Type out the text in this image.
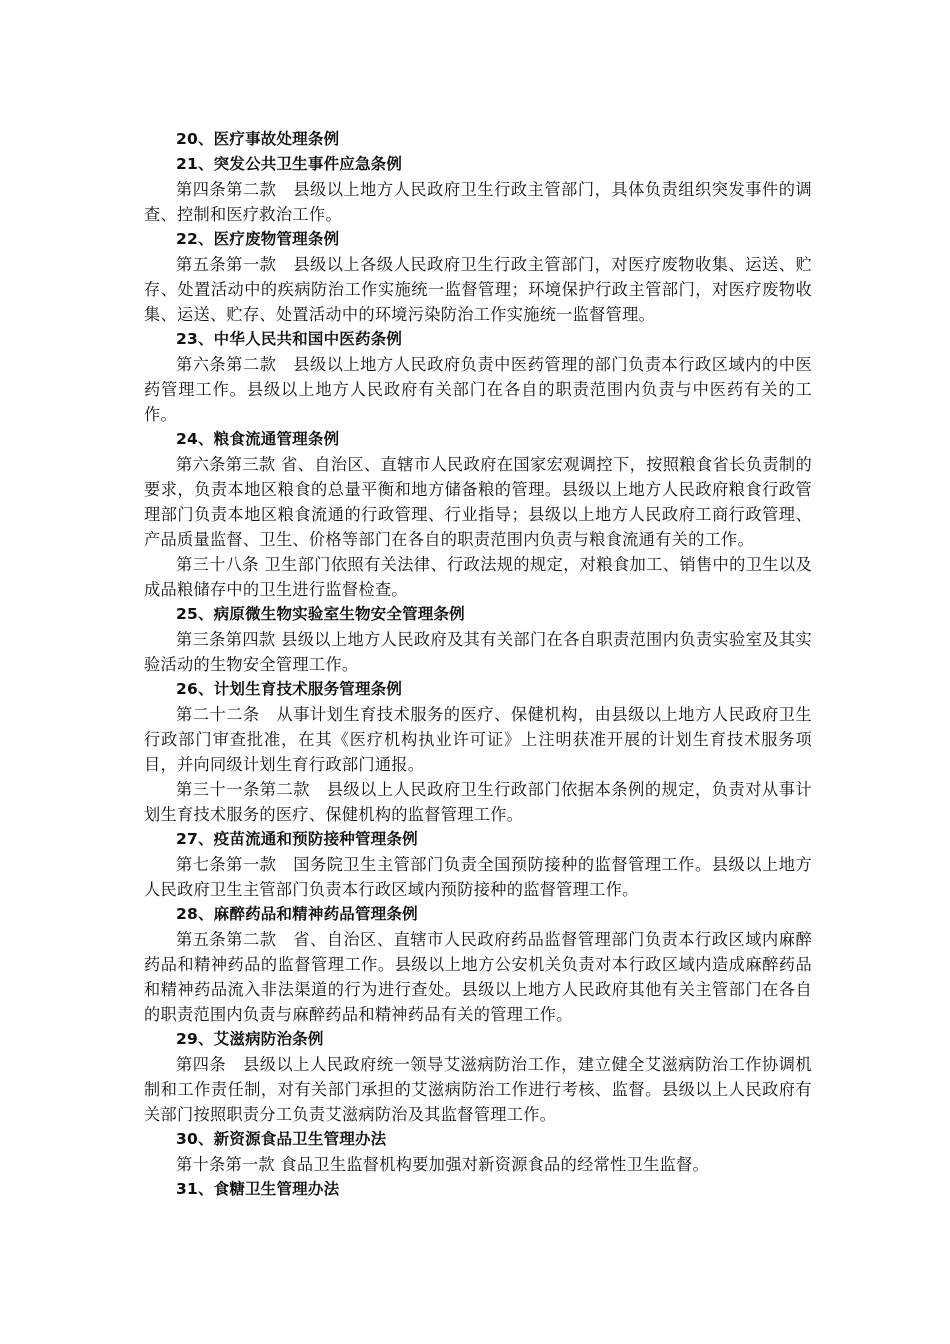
20、医疗事故处理条例
21、突发公共卫生事件应急条例

第四条第二款　县级以上地方人民政府卫生行政主管部门，具体负责组织突发事件的调查、控制和医疗救治工作。

22、医疗废物管理条例

第五条第一款　县级以上各级人民政府卫生行政主管部门，对医疗废物收集、运送、贮存、处置活动中的疾病防治工作实施统一监督管理；环境保护行政主管部门，对医疗废物收集、运送、贮存、处置活动中的环境污染防治工作实施统一监督管理。

23、中华人民共和国中医药条例

第六条第二款　县级以上地方人民政府负责中医药管理的部门负责本行政区域内的中医药管理工作。县级以上地方人民政府有关部门在各自的职责范围内负责与中医药有关的工作。

24、粮食流通管理条例

第六条第三款 省、自治区、直辖市人民政府在国家宏观调控下，按照粮食省长负责制的要求，负责本地区粮食的总量平衡和地方储备粮的管理。县级以上地方人民政府粮食行政管理部门负责本地区粮食流通的行政管理、行业指导；县级以上地方人民政府工商行政管理、产品质量监督、卫生、价格等部门在各自的职责范围内负责与粮食流通有关的工作。

第三十八条 卫生部门依照有关法律、行政法规的规定，对粮食加工、销售中的卫生以及成品粮储存中的卫生进行监督检查。

25、病原微生物实验室生物安全管理条例

第三条第四款 县级以上地方人民政府及其有关部门在各自职责范围内负责实验室及其实验活动的生物安全管理工作。

26、计划生育技术服务管理条例

第二十二条　从事计划生育技术服务的医疗、保健机构，由县级以上地方人民政府卫生行政部门审查批准，在其《医疗机构执业许可证》上注明获准开展的计划生育技术服务项目，并向同级计划生育行政部门通报。

第三十一条第二款　县级以上人民政府卫生行政部门依据本条例的规定，负责对从事计划生育技术服务的医疗、保健机构的监督管理工作。

27、疫苗流通和预防接种管理条例

第七条第一款　国务院卫生主管部门负责全国预防接种的监督管理工作。县级以上地方人民政府卫生主管部门负责本行政区域内预防接种的监督管理工作。

28、麻醉药品和精神药品管理条例

第五条第二款　省、自治区、直辖市人民政府药品监督管理部门负责本行政区域内麻醉药品和精神药品的监督管理工作。县级以上地方公安机关负责对本行政区域内造成麻醉药品和精神药品流入非法渠道的行为进行查处。县级以上地方人民政府其他有关主管部门在各自的职责范围内负责与麻醉药品和精神药品有关的管理工作。

29、艾滋病防治条例

第四条　县级以上人民政府统一领导艾滋病防治工作，建立健全艾滋病防治工作协调机制和工作责任制，对有关部门承担的艾滋病防治工作进行考核、监督。县级以上人民政府有关部门按照职责分工负责艾滋病防治及其监督管理工作。

30、新资源食品卫生管理办法

第十条第一款 食品卫生监督机构要加强对新资源食品的经常性卫生监督。

31、食糖卫生管理办法
